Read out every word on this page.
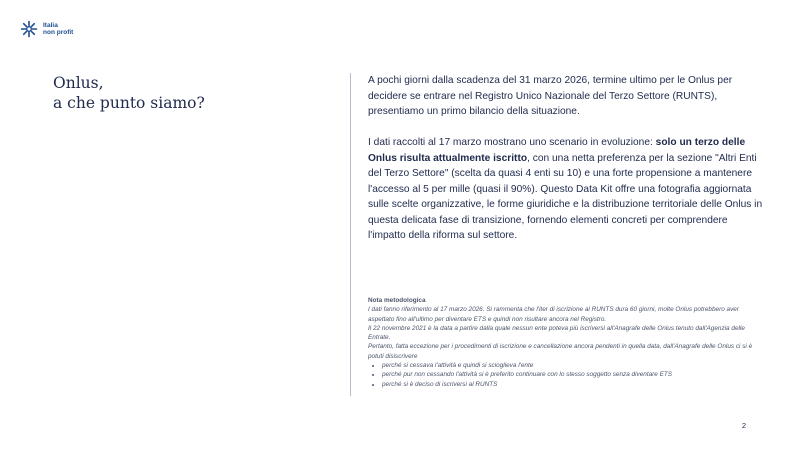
Italia
non profit
Onlus,
a che punto siamo?

A pochi giorni dalla scadenza del 31 marzo 2026, termine ultimo per le Onlus per decidere se entrare nel Registro Unico Nazionale del Terzo Settore (RUNTS), presentiamo un primo bilancio della situazione.

I dati raccolti al 17 marzo mostrano uno scenario in evoluzione: solo un terzo delle Onlus risulta attualmente iscritto, con una netta preferenza per la sezione "Altri Enti del Terzo Settore" (scelta da quasi 4 enti su 10) e una forte propensione a mantenere l'accesso al 5 per mille (quasi il 90%). Questo Data Kit offre una fotografia aggiornata sulle scelte organizzative, le forme giuridiche e la distribuzione territoriale delle Onlus in questa delicata fase di transizione, fornendo elementi concreti per comprendere l'impatto della riforma sul settore.

Nota metodologica
I dati fanno riferimento al 17 marzo 2026. Si rammenta che l'iter di iscrizione al RUNTS dura 60 giorni, molte Onlus potrebbero aver aspettato fino all'ultimo per diventare ETS e quindi non risultare ancora nel Registro.
Il 22 novembre 2021 è la data a partire dalla quale nessun ente poteva più iscriversi all'Anagrafe delle Onlus tenuto dall'Agenzia delle Entrate.
Pertanto, fatta eccezione per i procedimenti di iscrizione e cancellazione ancora pendenti in quella data, dall'Anagrafe delle Onlus ci si è potuti disiscrivere
• perché si cessava l'attività e quindi si scioglieva l'ente
• perché pur non cessando l'attività si è preferito continuare con lo stesso soggetto senza diventare ETS
• perché si è deciso di iscriversi al RUNTS
2
